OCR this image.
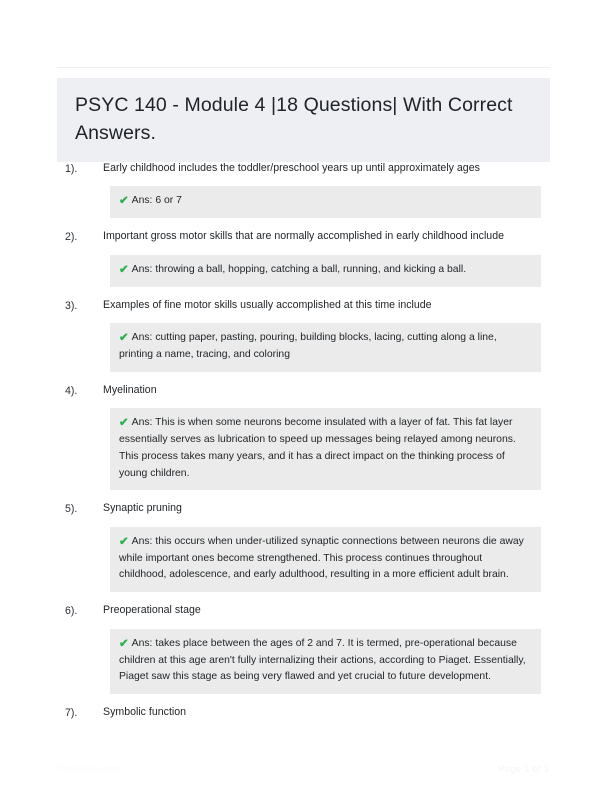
PSYC 140 - Module 4 |18 Questions| With Correct Answers.
1).	Early childhood includes the toddler/preschool years up until approximately ages
✔ Ans: 6 or 7
2).	Important gross motor skills that are normally accomplished in early childhood include
✔ Ans: throwing a ball, hopping, catching a ball, running, and kicking a ball.
3).	Examples of fine motor skills usually accomplished at this time include
✔ Ans: cutting paper, pasting, pouring, building blocks, lacing, cutting along a line, printing a name, tracing, and coloring
4).	Myelination
✔ Ans: This is when some neurons become insulated with a layer of fat. This fat layer essentially serves as lubrication to speed up messages being relayed among neurons. This process takes many years, and it has a direct impact on the thinking process of young children.
5).	Synaptic pruning
✔ Ans: this occurs when under-utilized synaptic connections between neurons die away while important ones become strengthened. This process continues throughout childhood, adolescence, and early adulthood, resulting in a more efficient adult brain.
6).	Preoperational stage
✔ Ans: takes place between the ages of 2 and 7. It is termed, pre-operational because children at this age aren't fully internalizing their actions, according to Piaget. Essentially, Piaget saw this stage as being very flawed and yet crucial to future development.
7).	Symbolic function
PaperStic.com	Page 1 of 3
